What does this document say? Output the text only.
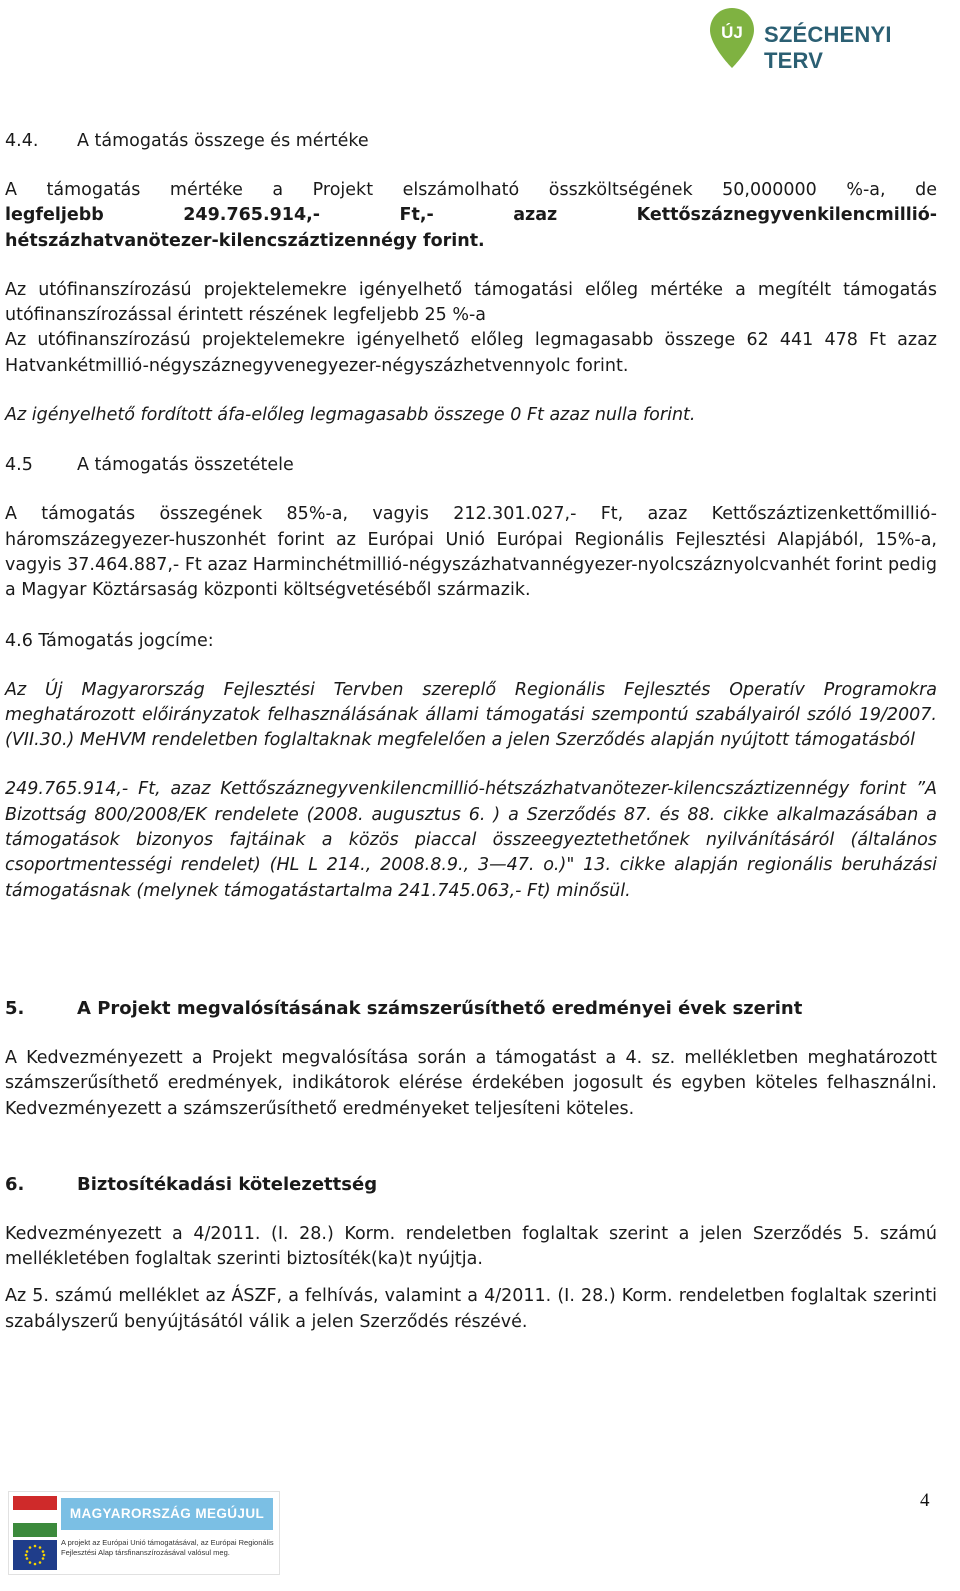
ÚJ SZÉCHENYI TERV
4.4. A támogatás összege és mértéke

A támogatás mértéke a Projekt elszámolható összköltségének 50,000000 %-a, de

legfeljebb 249.765.914,- Ft,- azaz Kettőszáznegyvenkilencmillió-

hétszázhatvanötezer-kilencszáztizennégy forint.

Az utófinanszírozású projektelemekre igényelhető támogatási előleg mértéke a megítélt támogatás utófinanszírozással érintett részének legfeljebb 25 %-a

Az utófinanszírozású projektelemekre igényelhető előleg legmagasabb összege 62 441 478 Ft azaz Hatvankétmillió-négyszáznegyvenegyezer-négyszázhetvennyolc forint.

Az igényelhető fordított áfa-előleg legmagasabb összege 0 Ft azaz nulla forint.

4.5	A támogatás összetétele

A támogatás összegének 85%-a, vagyis 212.301.027,- Ft, azaz Kettőszáztizenkettőmillió-háromszázegyezer-huszonhét forint az Európai Unió Európai Regionális Fejlesztési Alapjából, 15%-a, vagyis 37.464.887,- Ft azaz Harminchétmillió-négyszázhatvannégyezer-nyolcszáznyolcvanhét forint pedig a Magyar Köztársaság központi költségvetéséből származik.

4.6 Támogatás jogcíme:

Az Új Magyarország Fejlesztési Tervben szereplő Regionális Fejlesztés Operatív Programokra meghatározott előirányzatok felhasználásának állami támogatási szempontú szabályairól szóló 19/2007. (VII.30.) MeHVM rendeletben foglaltaknak megfelelően a jelen Szerződés alapján nyújtott támogatásból

249.765.914,- Ft, azaz Kettőszáznegyvenkilencmillió-hétszázhatvanötezer-kilencszáztizennégy forint ”A Bizottság 800/2008/EK rendelete (2008. augusztus 6. ) a Szerződés 87. és 88. cikke alkalmazásában a támogatások bizonyos fajtáinak a közös piaccal összeegyeztethetőnek nyilvánításáról (általános csoportmentességi rendelet) (HL L 214., 2008.8.9., 3—47. o.)" 13. cikke alapján regionális beruházási támogatásnak (melynek támogatástartalma 241.745.063,- Ft) minősül.

5.	A Projekt megvalósításának számszerűsíthető eredményei évek szerint

A Kedvezményezett a Projekt megvalósítása során a támogatást a 4. sz. mellékletben meghatározott számszerűsíthető eredmények, indikátorok elérése érdekében jogosult és egyben köteles felhasználni. Kedvezményezett a számszerűsíthető eredményeket teljesíteni köteles.

6.	Biztosítékadási kötelezettség

Kedvezményezett a 4/2011. (I. 28.) Korm. rendeletben foglaltak szerint a jelen Szerződés 5. számú mellékletében foglaltak szerinti biztosíték(ka)t nyújtja.

Az 5. számú melléklet az ÁSZF, a felhívás, valamint a 4/2011. (I. 28.) Korm. rendeletben foglaltak szerinti szabályszerű benyújtásától válik a jelen Szerződés részévé.

MAGYARORSZÁG MEGÚJUL
A projekt az Európai Unió támogatásával, az Európai Regionális Fejlesztési Alap társfinanszírozásával valósul meg.
4
